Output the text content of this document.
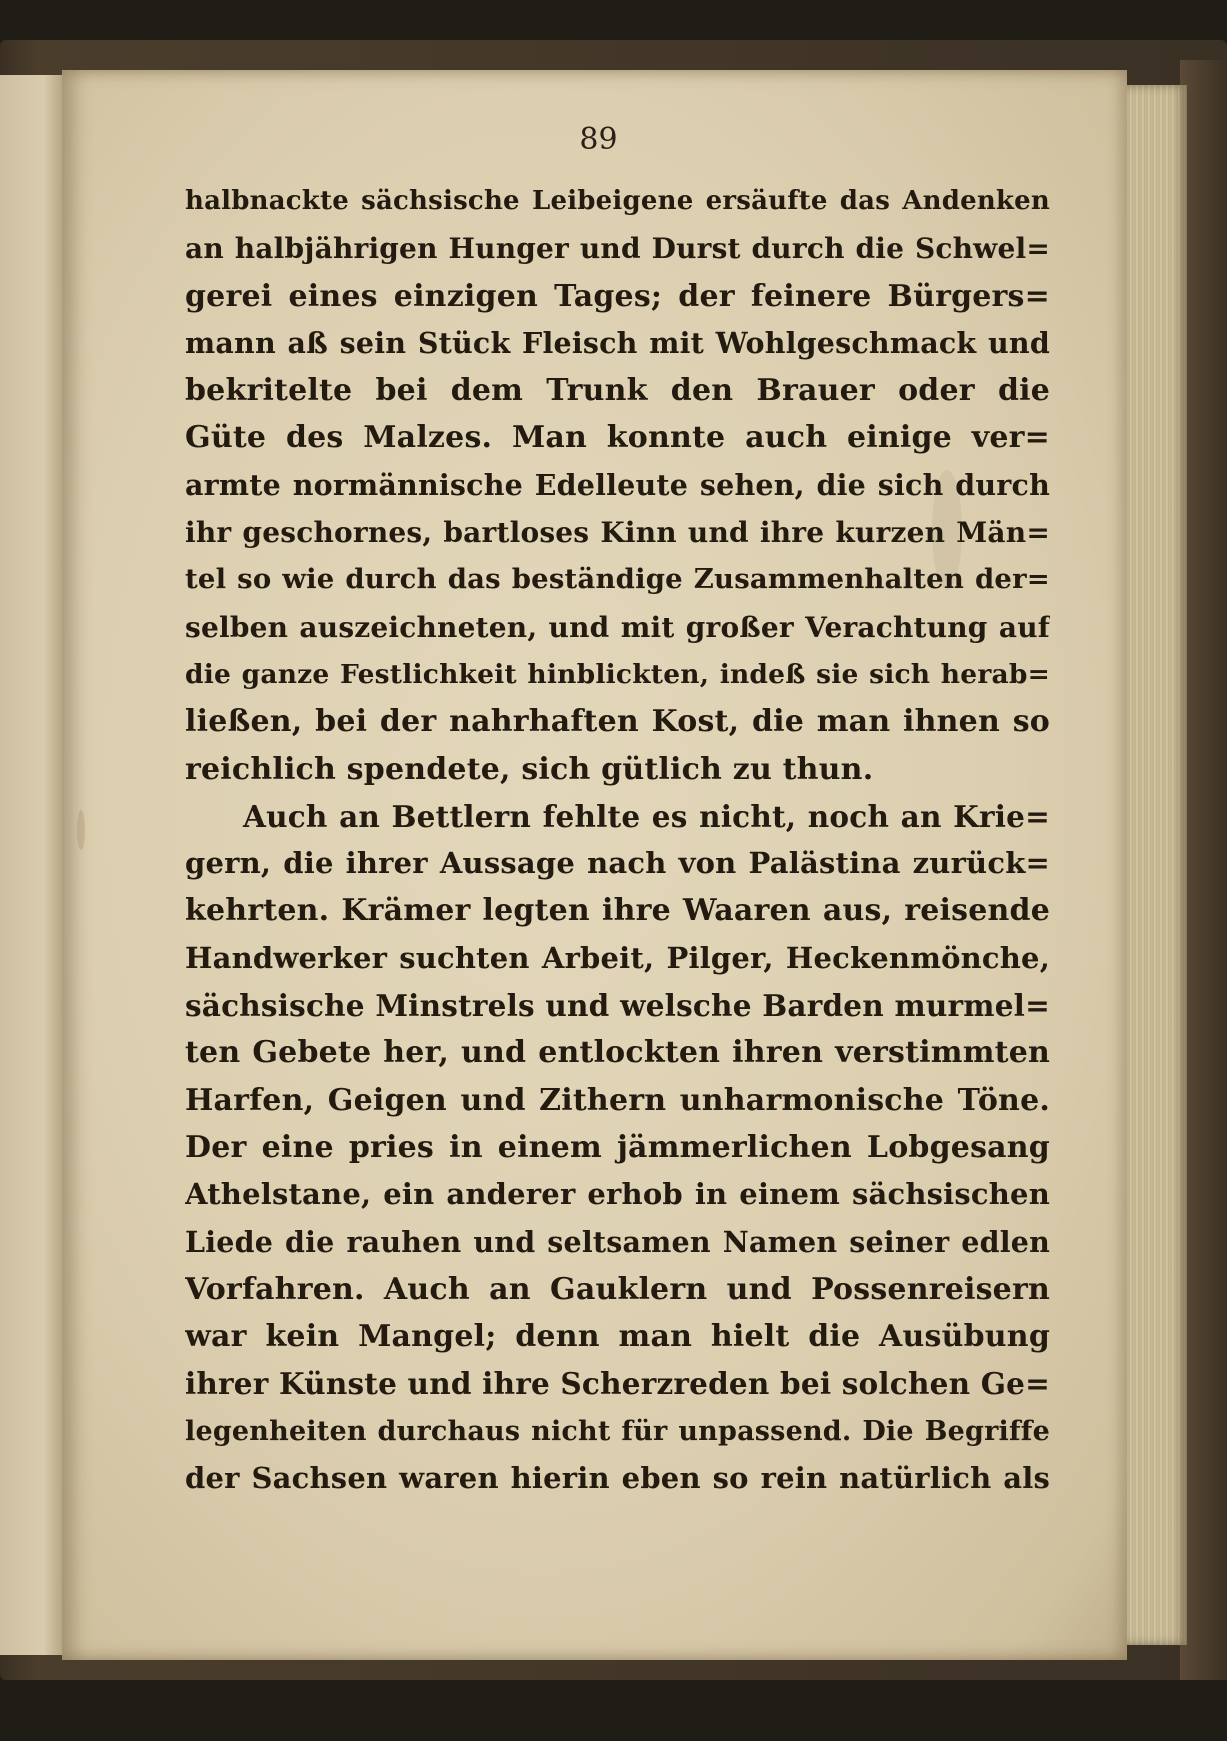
89
halbnackte sächsische Leibeigene ersäufte das Andenken
an halbjährigen Hunger und Durst durch die Schwel=
gerei eines einzigen Tages; der feinere Bürgers=
mann aß sein Stück Fleisch mit Wohlgeschmack und
bekritelte bei dem Trunk den Brauer oder die
Güte des Malzes. Man konnte auch einige ver=
armte normännische Edelleute sehen, die sich durch
ihr geschornes, bartloses Kinn und ihre kurzen Män=
tel so wie durch das beständige Zusammenhalten der=
selben auszeichneten, und mit großer Verachtung auf
die ganze Festlichkeit hinblickten, indeß sie sich herab=
ließen, bei der nahrhaften Kost, die man ihnen so
reichlich spendete, sich gütlich zu thun.
Auch an Bettlern fehlte es nicht, noch an Krie=
gern, die ihrer Aussage nach von Palästina zurück=
kehrten. Krämer legten ihre Waaren aus, reisende
Handwerker suchten Arbeit, Pilger, Heckenmönche,
sächsische Minstrels und welsche Barden murmel=
ten Gebete her, und entlockten ihren verstimmten
Harfen, Geigen und Zithern unharmonische Töne.
Der eine pries in einem jämmerlichen Lobgesang
Athelstane, ein anderer erhob in einem sächsischen
Liede die rauhen und seltsamen Namen seiner edlen
Vorfahren. Auch an Gauklern und Possenreisern
war kein Mangel; denn man hielt die Ausübung
ihrer Künste und ihre Scherzreden bei solchen Ge=
legenheiten durchaus nicht für unpassend. Die Begriffe
der Sachsen waren hierin eben so rein natürlich als
